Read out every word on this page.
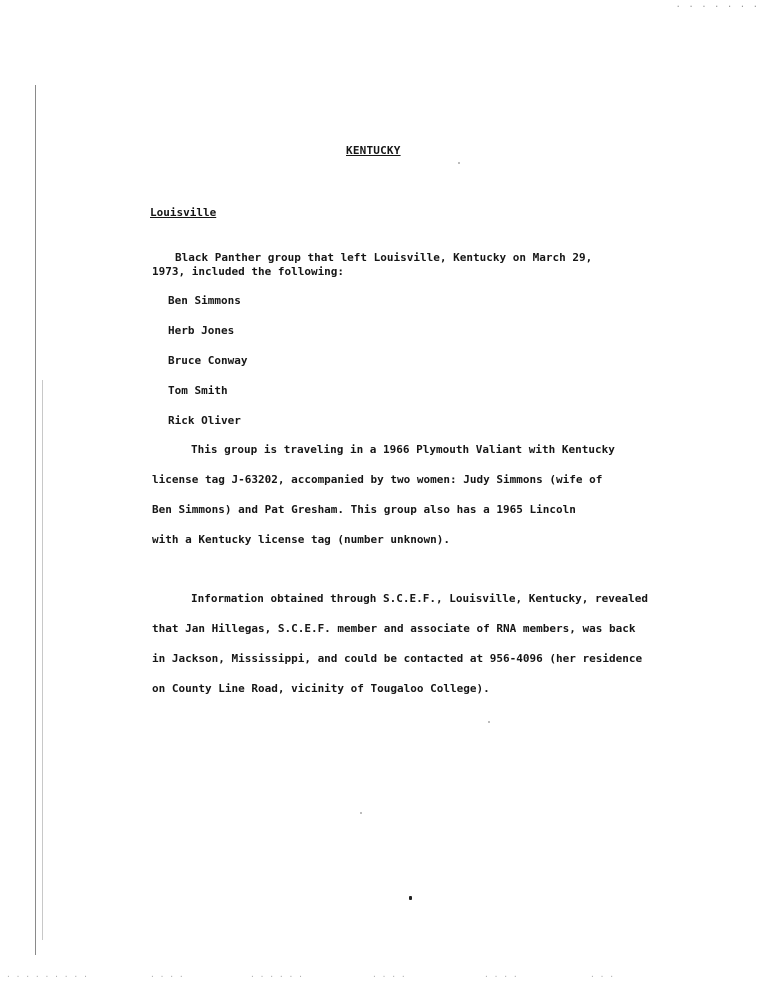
. . . . . . .
. . . . . . . . .	. . . .	. . . . . .	. . . .	. . . .	. . .
KENTUCKY
Louisville
Black Panther group that left Louisville, Kentucky on March 29,
1973, included the following:
Ben Simmons
Herb Jones
Bruce Conway
Tom Smith
Rick Oliver
This group is traveling in a 1966 Plymouth Valiant with Kentucky
license tag J-63202, accompanied by two women: Judy Simmons (wife of
Ben Simmons) and Pat Gresham. This group also has a 1965 Lincoln
with a Kentucky license tag (number unknown).
Information obtained through S.C.E.F., Louisville, Kentucky, revealed
that Jan Hillegas, S.C.E.F. member and associate of RNA members, was back
in Jackson, Mississippi, and could be contacted at 956-4096 (her residence
on County Line Road, vicinity of Tougaloo College).
